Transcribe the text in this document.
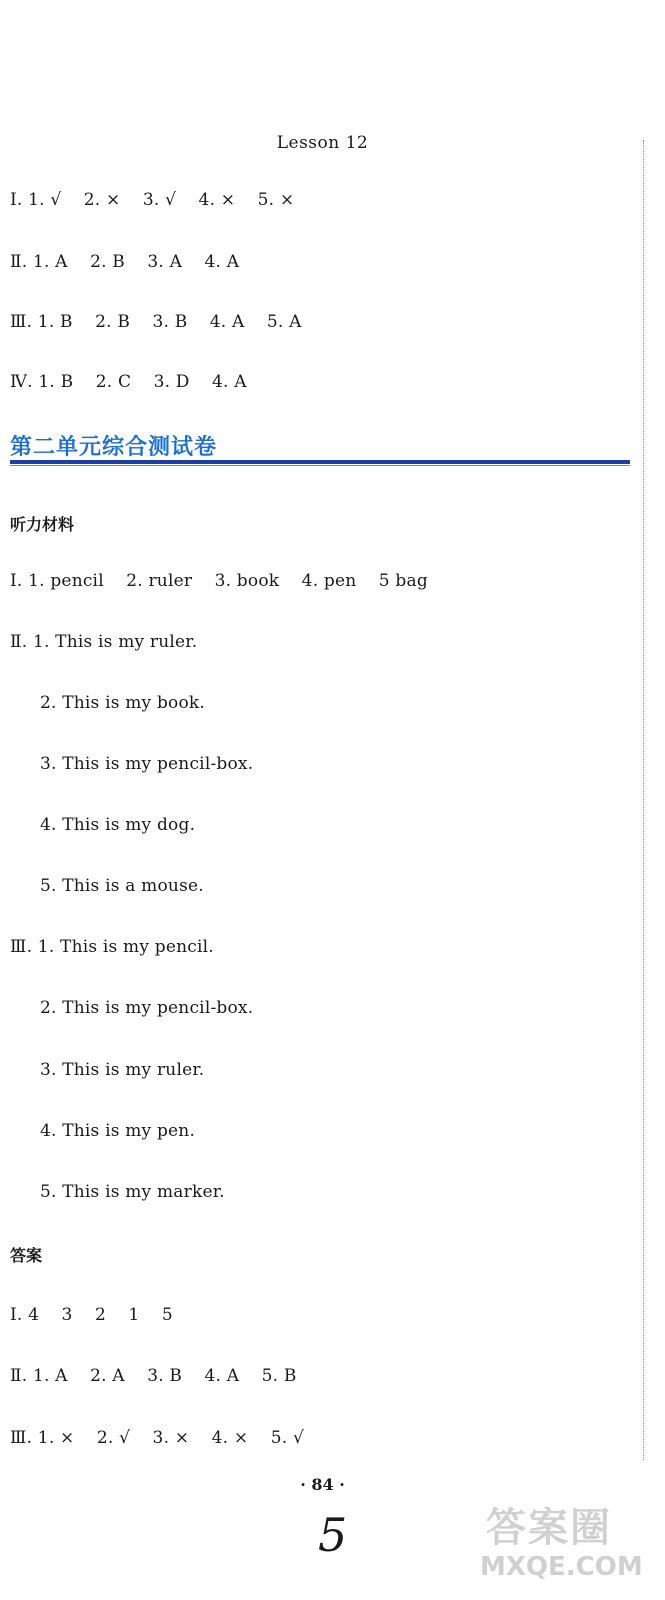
Lesson 12
Ⅰ. 1. √    2. ×    3. √    4. ×    5. ×
Ⅱ. 1. A    2. B    3. A    4. A
Ⅲ. 1. B    2. B    3. B    4. A    5. A
Ⅳ. 1. B    2. C    3. D    4. A
第二单元综合测试卷
听力材料
Ⅰ. 1. pencil    2. ruler    3. book    4. pen    5 bag
Ⅱ. 1. This is my ruler.
2. This is my book.
3. This is my pencil-box.
4. This is my dog.
5. This is a mouse.
Ⅲ. 1. This is my pencil.
2. This is my pencil-box.
3. This is my ruler.
4. This is my pen.
5. This is my marker.
答案
Ⅰ. 4    3    2    1    5
Ⅱ. 1. A    2. A    3. B    4. A    5. B
Ⅲ. 1. ×    2. √    3. ×    4. ×    5. √
· 84 ·
5	答案圈
MXQE.COM
